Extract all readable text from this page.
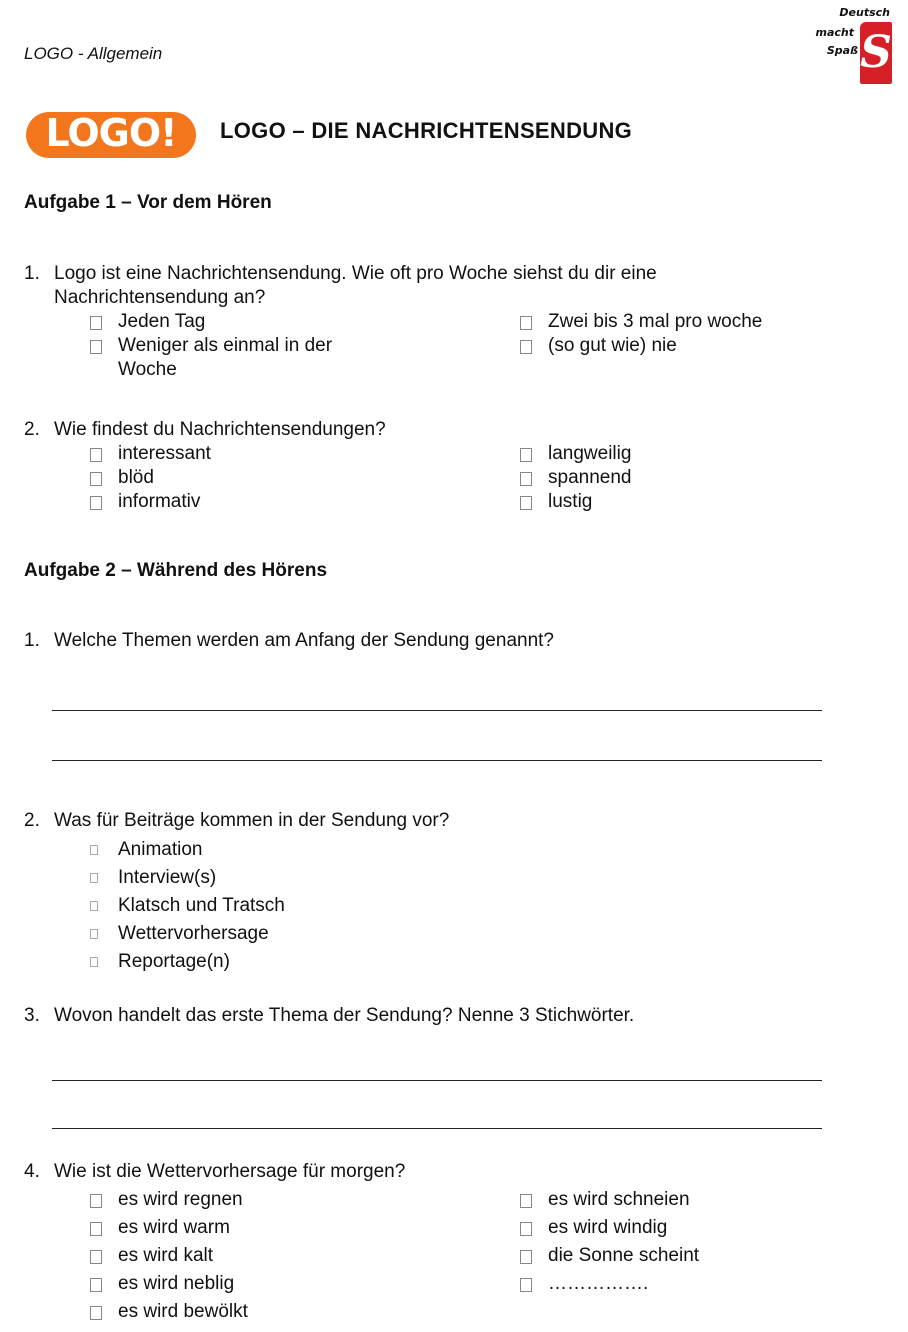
LOGO - Allgemein
Deutsch
macht
Spaß S
LOGO! LOGO – DIE NACHRICHTENSENDUNG
Aufgabe 1 – Vor dem Hören
1. Logo ist eine Nachrichtensendung. Wie oft pro Woche siehst du dir eine
Nachrichtensendung an?
Jeden Tag
Weniger als einmal in der
Woche
Zwei bis 3 mal pro woche
(so gut wie) nie
2. Wie findest du Nachrichtensendungen?
interessant
blöd
informativ
langweilig
spannend
lustig
Aufgabe 2 – Während des Hörens
1. Welche Themen werden am Anfang der Sendung genannt?
2. Was für Beiträge kommen in der Sendung vor?
Animation
Interview(s)
Klatsch und Tratsch
Wettervorhersage
Reportage(n)
3. Wovon handelt das erste Thema der Sendung? Nenne 3 Stichwörter.
4. Wie ist die Wettervorhersage für morgen?
es wird regnen
es wird warm
es wird kalt
es wird neblig
es wird bewölkt
es wird schneien
es wird windig
die Sonne scheint
…………….
